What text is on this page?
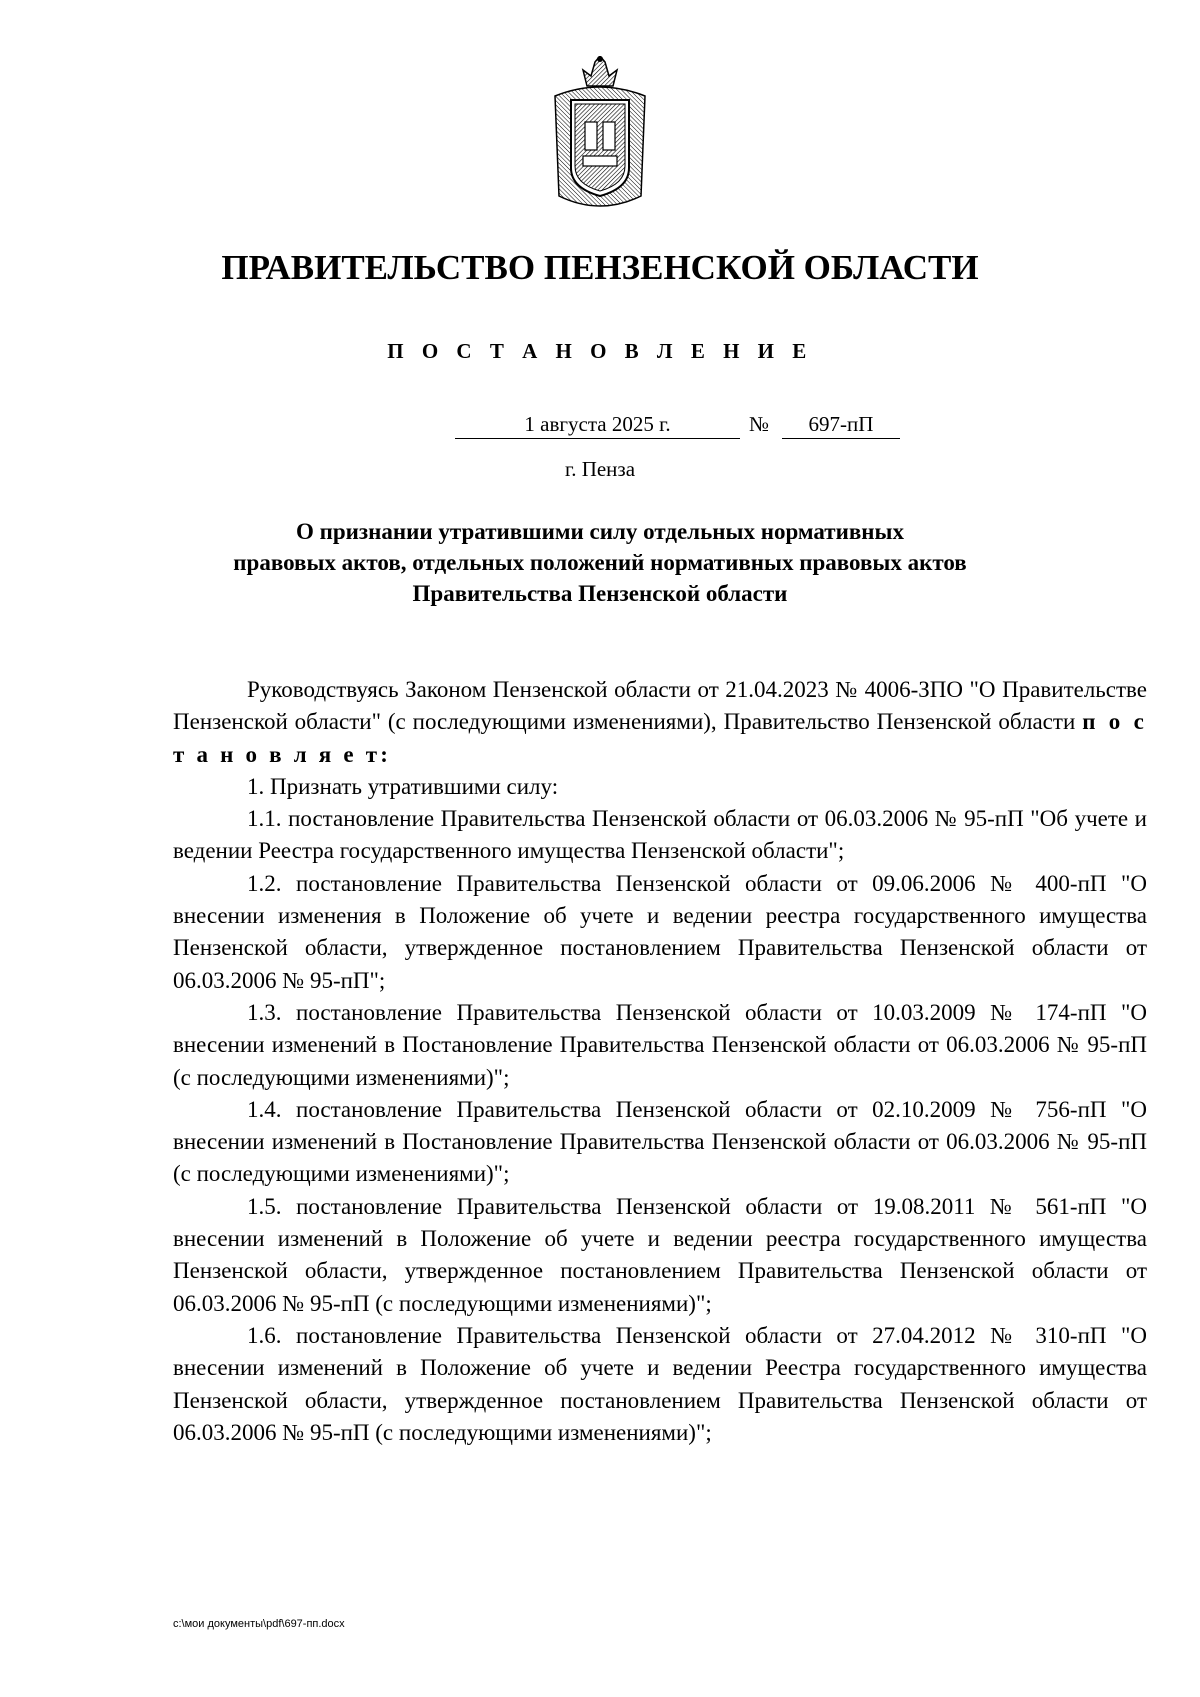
ПРАВИТЕЛЬСТВО ПЕНЗЕНСКОЙ ОБЛАСТИ
П О С Т А Н О В Л Е Н И Е
1 августа 2025 г.	№	697-пП
г. Пенза
О признании утратившими силу отдельных нормативных
правовых актов, отдельных положений нормативных правовых актов
Правительства Пензенской области

Руководствуясь Законом Пензенской области от 21.04.2023 № 4006-ЗПО "О Правительстве Пензенской области" (с последующими изменениями), Правительство Пензенской области п о с т а н о в л я е т:

1. Признать утратившими силу:

1.1. постановление Правительства Пензенской области от 06.03.2006 № 95-пП "Об учете и ведении Реестра государственного имущества Пензенской области";

1.2. постановление Правительства Пензенской области от 09.06.2006 № 400-пП "О внесении изменения в Положение об учете и ведении реестра государственного имущества Пензенской области, утвержденное постановлением Правительства Пензенской области от 06.03.2006 № 95-пП";

1.3. постановление Правительства Пензенской области от 10.03.2009 № 174-пП "О внесении изменений в Постановление Правительства Пензенской области от 06.03.2006 № 95-пП (с последующими изменениями)";

1.4. постановление Правительства Пензенской области от 02.10.2009 № 756-пП "О внесении изменений в Постановление Правительства Пензенской области от 06.03.2006 № 95-пП (с последующими изменениями)";

1.5. постановление Правительства Пензенской области от 19.08.2011 № 561-пП "О внесении изменений в Положение об учете и ведении реестра государственного имущества Пензенской области, утвержденное постановлением Правительства Пензенской области от 06.03.2006 № 95-пП (с последующими изменениями)";

1.6. постановление Правительства Пензенской области от 27.04.2012 № 310-пП "О внесении изменений в Положение об учете и ведении Реестра государственного имущества Пензенской области, утвержденное постановлением Правительства Пензенской области от 06.03.2006 № 95-пП (с последующими изменениями)";

c:\мои документы\pdf\697-пп.docx
